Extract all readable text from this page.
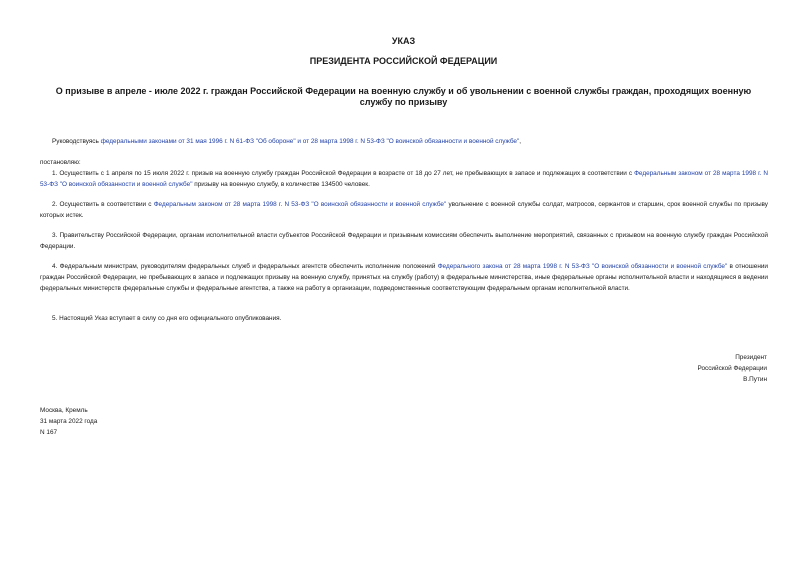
УКАЗ
ПРЕЗИДЕНТА РОССИЙСКОЙ ФЕДЕРАЦИИ
О призыве в апреле - июле 2022 г. граждан Российской Федерации на военную службу и об увольнении с военной службы граждан, проходящих военную службу по призыву
Руководствуясь федеральными законами от 31 мая 1996 г. N 61-ФЗ "Об обороне" и от 28 марта 1998 г. N 53-ФЗ "О воинской обязанности и военной службе",
постановляю:
1. Осуществить с 1 апреля по 15 июля 2022 г. призыв на военную службу граждан Российской Федерации в возрасте от 18 до 27 лет, не пребывающих в запасе и подлежащих в соответствии с Федеральным законом от 28 марта 1998 г. N 53-ФЗ "О воинской обязанности и военной службе" призыву на военную службу, в количестве 134500 человек.
2. Осуществить в соответствии с Федеральным законом от 28 марта 1998 г. N 53-ФЗ "О воинской обязанности и военной службе" увольнение с военной службы солдат, матросов, сержантов и старшин, срок военной службы по призыву которых истек.
3. Правительству Российской Федерации, органам исполнительной власти субъектов Российской Федерации и призывным комиссиям обеспечить выполнение мероприятий, связанных с призывом на военную службу граждан Российской Федерации.
4. Федеральным министрам, руководителям федеральных служб и федеральных агентств обеспечить исполнение положений Федерального закона от 28 марта 1998 г. N 53-ФЗ "О воинской обязанности и военной службе" в отношении граждан Российской Федерации, не пребывающих в запасе и подлежащих призыву на военную службу, принятых на службу (работу) в федеральные министерства, иные федеральные органы исполнительной власти и находящиеся в ведении федеральных министерств федеральные службы и федеральные агентства, а также на работу в организации, подведомственные соответствующим федеральным органам исполнительной власти.
5. Настоящий Указ вступает в силу со дня его официального опубликования.
Президент
Российской Федерации
В.Путин
Москва, Кремль
31 марта 2022 года
N 167
